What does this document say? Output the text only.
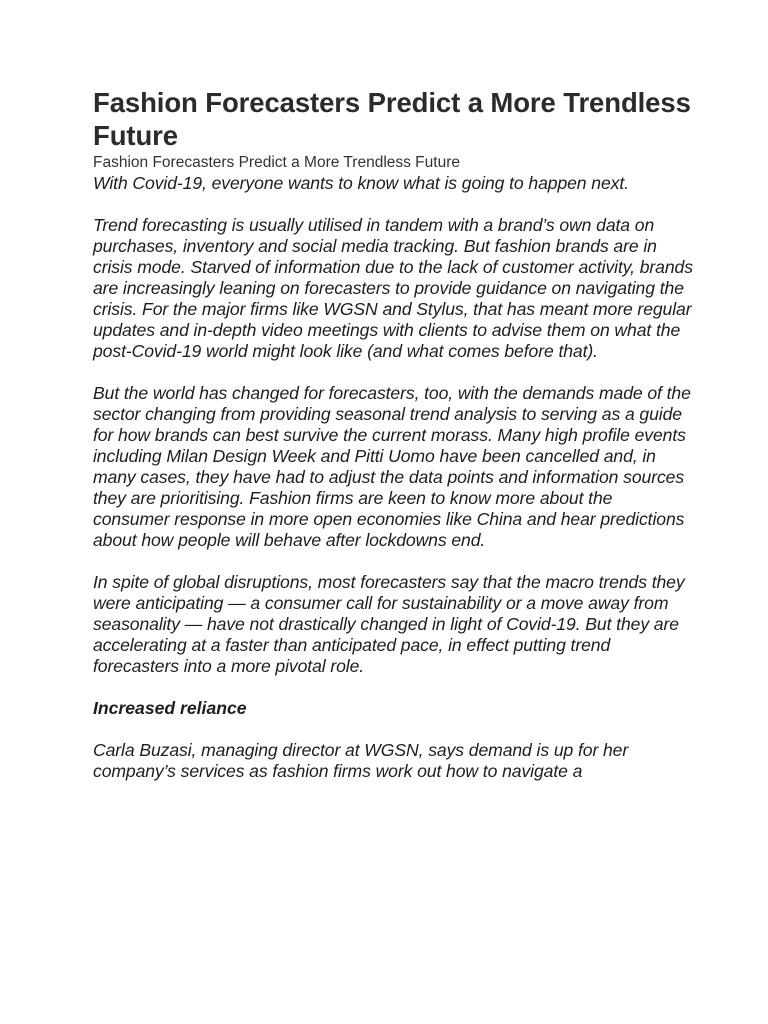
Fashion Forecasters Predict a More Trendless Future
Fashion Forecasters Predict a More Trendless Future

With Covid-19, everyone wants to know what is going to happen next.

Trend forecasting is usually utilised in tandem with a brand’s own data on purchases, inventory and social media tracking. But fashion brands are in crisis mode. Starved of information due to the lack of customer activity, brands are increasingly leaning on forecasters to provide guidance on navigating the crisis. For the major firms like WGSN and Stylus, that has meant more regular updates and in-depth video meetings with clients to advise them on what the post-Covid-19 world might look like (and what comes before that).

But the world has changed for forecasters, too, with the demands made of the sector changing from providing seasonal trend analysis to serving as a guide for how brands can best survive the current morass. Many high profile events including Milan Design Week and Pitti Uomo have been cancelled and, in many cases, they have had to adjust the data points and information sources they are prioritising. Fashion firms are keen to know more about the consumer response in more open economies like China and hear predictions about how people will behave after lockdowns end.

In spite of global disruptions, most forecasters say that the macro trends they were anticipating — a consumer call for sustainability or a move away from seasonality — have not drastically changed in light of Covid-19. But they are accelerating at a faster than anticipated pace, in effect putting trend forecasters into a more pivotal role.

Increased reliance

Carla Buzasi, managing director at WGSN, says demand is up for her company’s services as fashion firms work out how to navigate a
